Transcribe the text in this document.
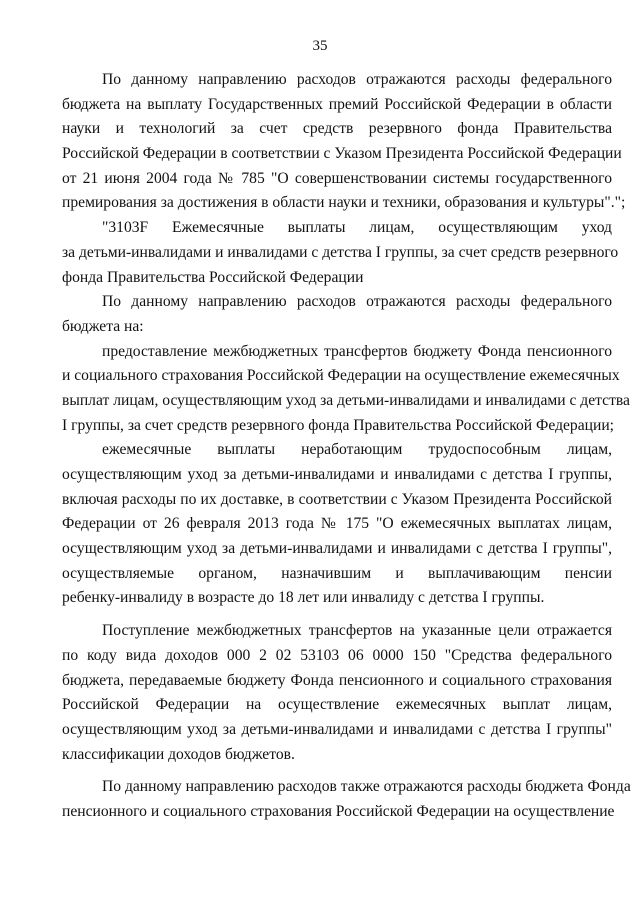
35
По данному направлению расходов отражаются расходы федерального
бюджета на выплату Государственных премий Российской Федерации в области
науки и технологий за счет средств резервного фонда Правительства
Российской Федерации в соответствии с Указом Президента Российской Федерации
от 21 июня 2004 года № 785 "О совершенствовании системы государственного
премирования за достижения в области науки и техники, образования и культуры".";
"3103F Ежемесячные выплаты лицам, осуществляющим уход
за детьми-инвалидами и инвалидами с детства I группы, за счет средств резервного
фонда Правительства Российской Федерации
По данному направлению расходов отражаются расходы федерального
бюджета на:
предоставление межбюджетных трансфертов бюджету Фонда пенсионного
и социального страхования Российской Федерации на осуществление ежемесячных
выплат лицам, осуществляющим уход за детьми-инвалидами и инвалидами с детства
I группы, за счет средств резервного фонда Правительства Российской Федерации;
ежемесячные выплаты неработающим трудоспособным лицам,
осуществляющим уход за детьми-инвалидами и инвалидами с детства I группы,
включая расходы по их доставке, в соответствии с Указом Президента Российской
Федерации от 26 февраля 2013 года № 175 "О ежемесячных выплатах лицам,
осуществляющим уход за детьми-инвалидами и инвалидами с детства I группы",
осуществляемые органом, назначившим и выплачивающим пенсии
ребенку-инвалиду в возрасте до 18 лет или инвалиду с детства I группы.
Поступление межбюджетных трансфертов на указанные цели отражается
по коду вида доходов 000 2 02 53103 06 0000 150 "Средства федерального
бюджета, передаваемые бюджету Фонда пенсионного и социального страхования
Российской Федерации на осуществление ежемесячных выплат лицам,
осуществляющим уход за детьми-инвалидами и инвалидами с детства I группы"
классификации доходов бюджетов.
По данному направлению расходов также отражаются расходы бюджета Фонда
пенсионного и социального страхования Российской Федерации на осуществление
